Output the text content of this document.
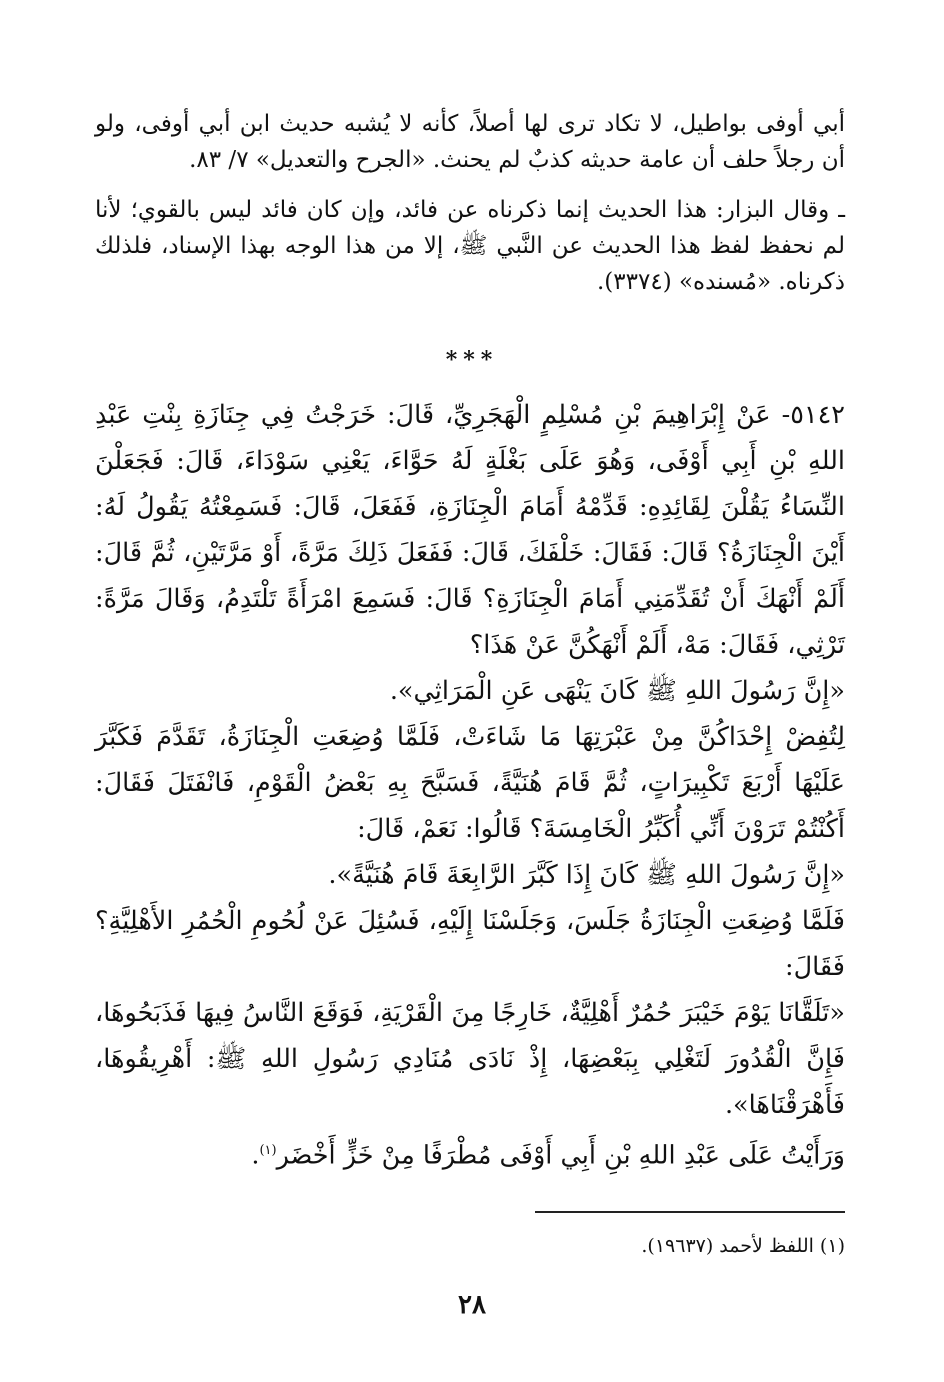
أبي أوفى بواطيل، لا تكاد ترى لها أصلاً، كأنه لا يُشبه حديث ابن أبي أوفى، ولو أن رجلاً حلف أن عامة حديثه كذبٌ لم يحنث. «الجرح والتعديل» ٧/ ٨٣.

ـ وقال البزار: هذا الحديث إنما ذكرناه عن فائد، وإن كان فائد ليس بالقوي؛ لأنا لم نحفظ لفظ هذا الحديث عن النَّبي ﷺ، إلا من هذا الوجه بهذا الإسناد، فلذلك ذكرناه. «مُسنده» (٣٣٧٤).

***

٥١٤٢- عَنْ إِبْرَاهِيمَ بْنِ مُسْلِمٍ الْهَجَرِيِّ، قَالَ: خَرَجْتُ فِي جِنَازَةِ بِنْتِ عَبْدِ اللهِ بْنِ أَبِي أَوْفَى، وَهُوَ عَلَى بَغْلَةٍ لَهُ حَوَّاءَ، يَعْنِي سَوْدَاءَ، قَالَ: فَجَعَلْنَ النِّسَاءُ يَقُلْنَ لِقَائِدِهِ: قَدِّمْهُ أَمَامَ الْجِنَازَةِ، فَفَعَلَ، قَالَ: فَسَمِعْتُهُ يَقُولُ لَهُ: أَيْنَ الْجِنَازَةُ؟ قَالَ: فَقَالَ: خَلْفَكَ، قَالَ: فَفَعَلَ ذَلِكَ مَرَّةً، أَوْ مَرَّتَيْنِ، ثُمَّ قَالَ: أَلَمْ أَنْهَكَ أَنْ تُقَدِّمَنِي أَمَامَ الْجِنَازَةِ؟ قَالَ: فَسَمِعَ امْرَأَةً تَلْتَدِمُ، وَقَالَ مَرَّةً: تَرْثِي، فَقَالَ: مَهْ، أَلَمْ أَنْهَكُنَّ عَنْ هَذَا؟

«إِنَّ رَسُولَ اللهِ ﷺ كَانَ يَنْهَى عَنِ الْمَرَاثِي».

لِتُفِضْ إِحْدَاكُنَّ مِنْ عَبْرَتِهَا مَا شَاءَتْ، فَلَمَّا وُضِعَتِ الْجِنَازَةُ، تَقَدَّمَ فَكَبَّرَ عَلَيْهَا أَرْبَعَ تَكْبِيرَاتٍ، ثُمَّ قَامَ هُنَيَّةً، فَسَبَّحَ بِهِ بَعْضُ الْقَوْمِ، فَانْفَتَلَ فَقَالَ: أَكُنْتُمْ تَرَوْنَ أَنِّي أُكَبِّرُ الْخَامِسَةَ؟ قَالُوا: نَعَمْ، قَالَ:

«إِنَّ رَسُولَ اللهِ ﷺ كَانَ إِذَا كَبَّرَ الرَّابِعَةَ قَامَ هُنَيَّةً».

فَلَمَّا وُضِعَتِ الْجِنَازَةُ جَلَسَ، وَجَلَسْنَا إِلَيْهِ، فَسُئِلَ عَنْ لُحُومِ الْحُمُرِ الأَهْلِيَّةِ؟ فَقَالَ:

«تَلَقَّانَا يَوْمَ خَيْبَرَ حُمُرٌ أَهْلِيَّةٌ، خَارِجًا مِنَ الْقَرْيَةِ، فَوَقَعَ النَّاسُ فِيهَا فَذَبَحُوهَا، فَإِنَّ الْقُدُورَ لَتَغْلِي بِبَعْضِهَا، إِذْ نَادَى مُنَادِي رَسُولِ اللهِ ﷺ: أَهْرِيقُوهَا، فَأَهْرَقْنَاهَا».

وَرَأَيْتُ عَلَى عَبْدِ اللهِ بْنِ أَبِي أَوْفَى مُطْرَفًا مِنْ خَزٍّ أَخْضَر$^{(١)}$.

(١) اللفظ لأحمد (١٩٦٣٧).
٢٨
